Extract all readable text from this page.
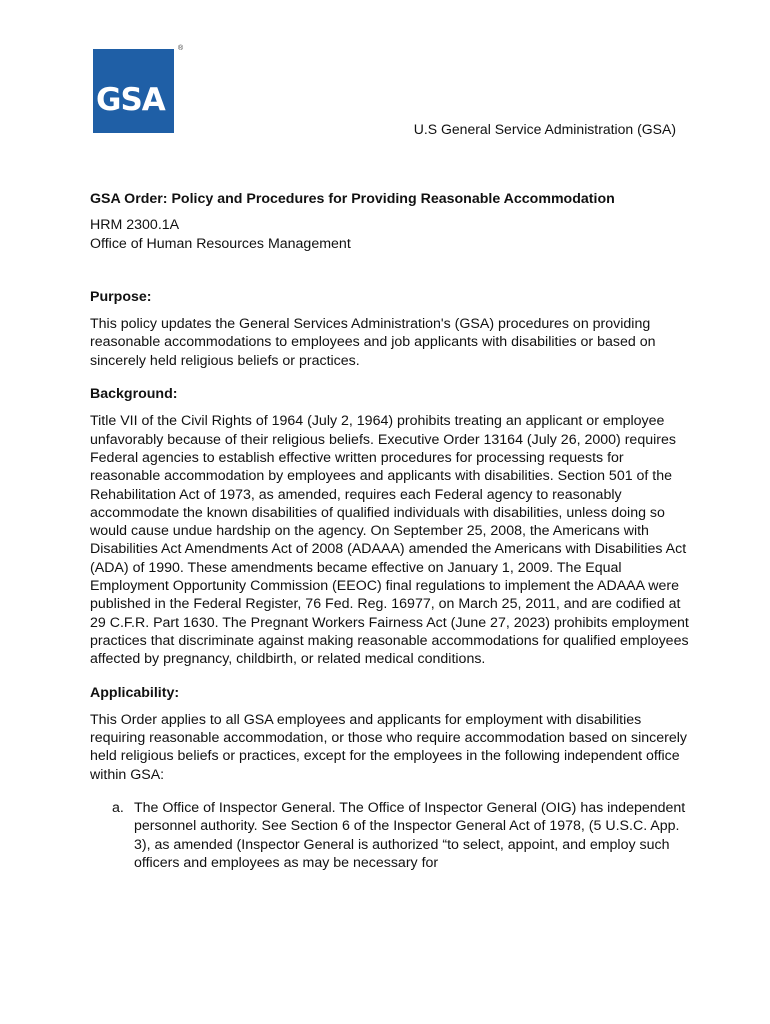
GSA
®
U.S General Service Administration (GSA)

GSA Order: Policy and Procedures for Providing Reasonable Accommodation

HRM 2300.1A

Office of Human Resources Management

Purpose:

This policy updates the General Services Administration's (GSA) procedures on providing reasonable accommodations to employees and job applicants with disabilities or based on sincerely held religious beliefs or practices.

Background:

Title VII of the Civil Rights of 1964 (July 2, 1964) prohibits treating an applicant or employee unfavorably because of their religious beliefs. Executive Order 13164 (July 26, 2000) requires Federal agencies to establish effective written procedures for processing requests for reasonable accommodation by employees and applicants with disabilities. Section 501 of the Rehabilitation Act of 1973, as amended, requires each Federal agency to reasonably accommodate the known disabilities of qualified individuals with disabilities, unless doing so would cause undue hardship on the agency. On September 25, 2008, the Americans with Disabilities Act Amendments Act of 2008 (ADAAA) amended the Americans with Disabilities Act (ADA) of 1990. These amendments became effective on January 1, 2009. The Equal Employment Opportunity Commission (EEOC) final regulations to implement the ADAAA were published in the Federal Register, 76 Fed. Reg. 16977, on March 25, 2011, and are codified at 29 C.F.R. Part 1630. The Pregnant Workers Fairness Act (June 27, 2023) prohibits employment practices that discriminate against making reasonable accommodations for qualified employees affected by pregnancy, childbirth, or related medical conditions.

Applicability:

This Order applies to all GSA employees and applicants for employment with disabilities requiring reasonable accommodation, or those who require accommodation based on sincerely held religious beliefs or practices, except for the employees in the following independent office within GSA:

a. The Office of Inspector General. The Office of Inspector General (OIG) has independent personnel authority. See Section 6 of the Inspector General Act of 1978, (5 U.S.C. App. 3), as amended (Inspector General is authorized “to select, appoint, and employ such officers and employees as may be necessary for
